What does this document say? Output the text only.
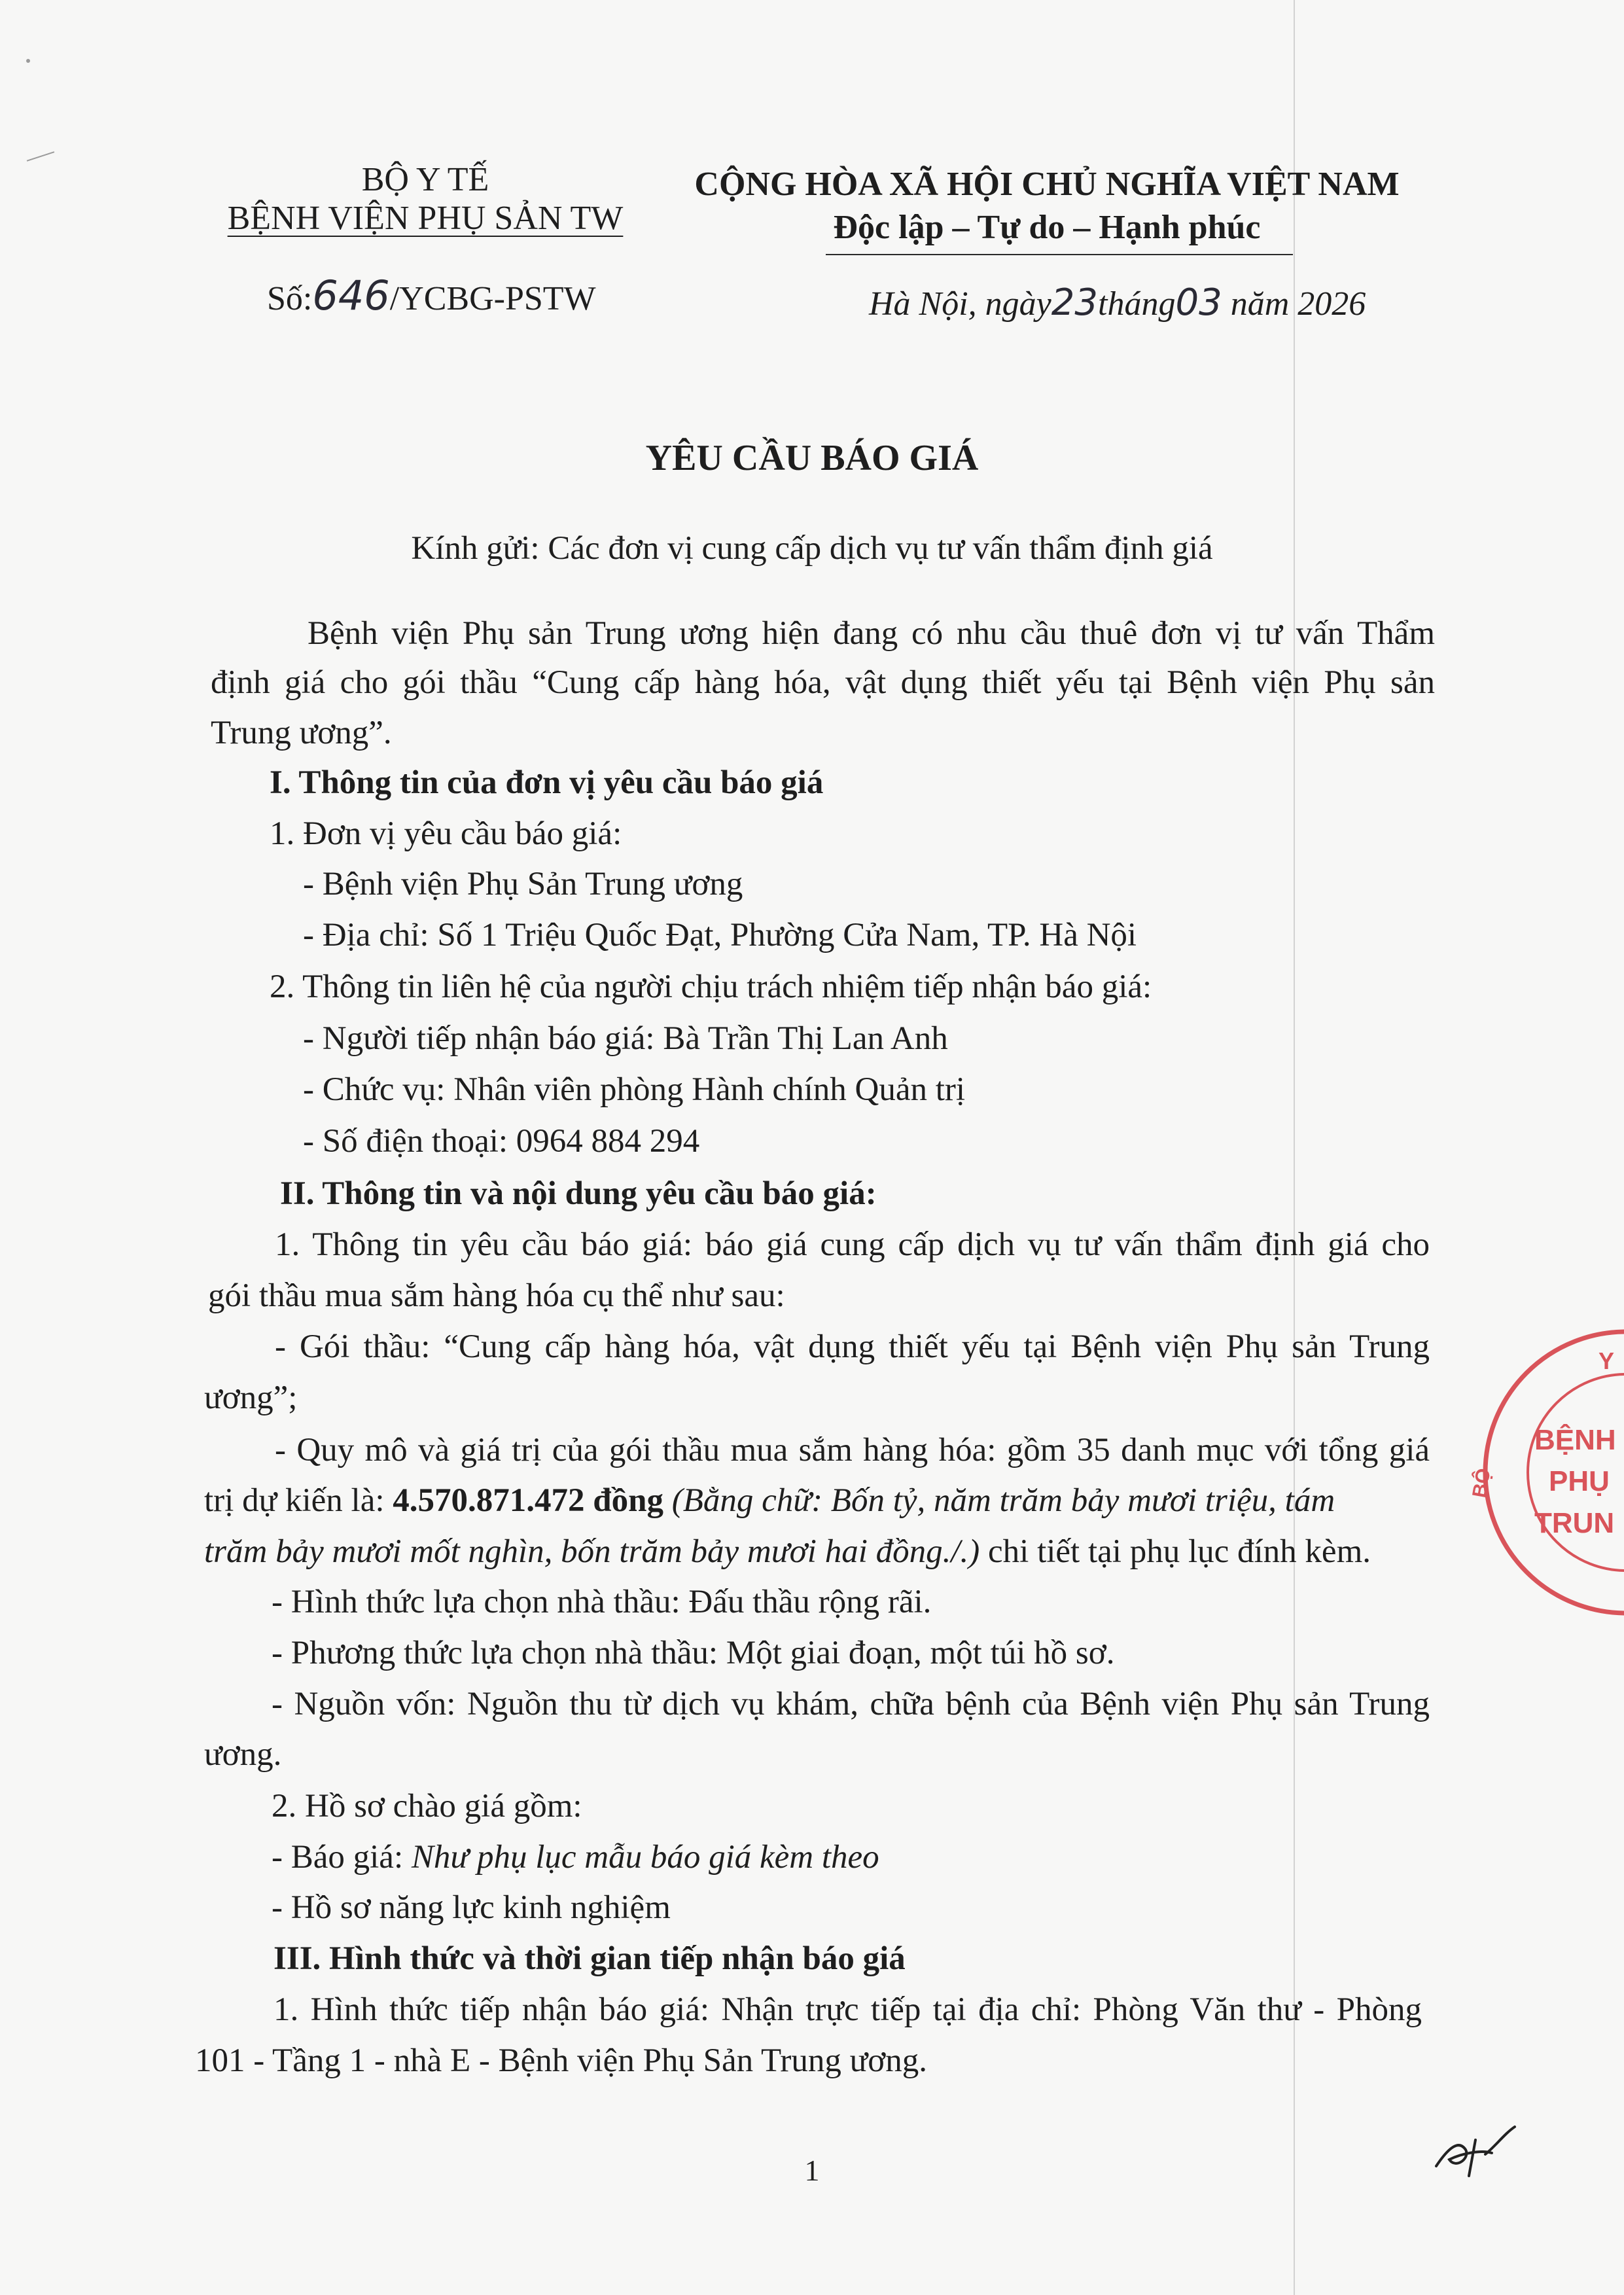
BỘ Y TẾ
BỆNH VIỆN PHỤ SẢN TW
Số:646/YCBG-PSTW
CỘNG HÒA XÃ HỘI CHỦ NGHĨA VIỆT NAM
Độc lập – Tự do – Hạnh phúc
Hà Nội, ngày23tháng03 năm 2026
YÊU CẦU BÁO GIÁ
Kính gửi: Các đơn vị cung cấp dịch vụ tư vấn thẩm định giá
Bệnh viện Phụ sản Trung ương hiện đang có nhu cầu thuê đơn vị tư vấn Thẩm
định giá cho gói thầu “Cung cấp hàng hóa, vật dụng thiết yếu tại Bệnh viện Phụ sản
Trung ương”.
I. Thông tin của đơn vị yêu cầu báo giá
1. Đơn vị yêu cầu báo giá:
- Bệnh viện Phụ Sản Trung ương
- Địa chỉ: Số 1 Triệu Quốc Đạt, Phường Cửa Nam, TP. Hà Nội
2. Thông tin liên hệ của người chịu trách nhiệm tiếp nhận báo giá:
- Người tiếp nhận báo giá: Bà Trần Thị Lan Anh
- Chức vụ: Nhân viên phòng Hành chính Quản trị
- Số điện thoại: 0964 884 294
II. Thông tin và nội dung yêu cầu báo giá:
1. Thông tin yêu cầu báo giá: báo giá cung cấp dịch vụ tư vấn thẩm định giá cho
gói thầu mua sắm hàng hóa cụ thể như sau:
- Gói thầu: “Cung cấp hàng hóa, vật dụng thiết yếu tại Bệnh viện Phụ sản Trung
ương”;
- Quy mô và giá trị của gói thầu mua sắm hàng hóa: gồm 35 danh mục với tổng giá
trị dự kiến là: 4.570.871.472 đồng (Bằng chữ: Bốn tỷ, năm trăm bảy mươi triệu, tám
trăm bảy mươi mốt nghìn, bốn trăm bảy mươi hai đồng./.) chi tiết tại phụ lục đính kèm.
- Hình thức lựa chọn nhà thầu: Đấu thầu rộng rãi.
- Phương thức lựa chọn nhà thầu: Một giai đoạn, một túi hồ sơ.
- Nguồn vốn: Nguồn thu từ dịch vụ khám, chữa bệnh của Bệnh viện Phụ sản Trung
ương.
2. Hồ sơ chào giá gồm:
- Báo giá: Như phụ lục mẫu báo giá kèm theo
- Hồ sơ năng lực kinh nghiệm
III. Hình thức và thời gian tiếp nhận báo giá
1. Hình thức tiếp nhận báo giá: Nhận trực tiếp tại địa chỉ: Phòng Văn thư - Phòng
101 - Tầng 1 - nhà E - Bệnh viện Phụ Sản Trung ương.
1
Y
BỘ
BỆNH
PHỤ
TRUN
